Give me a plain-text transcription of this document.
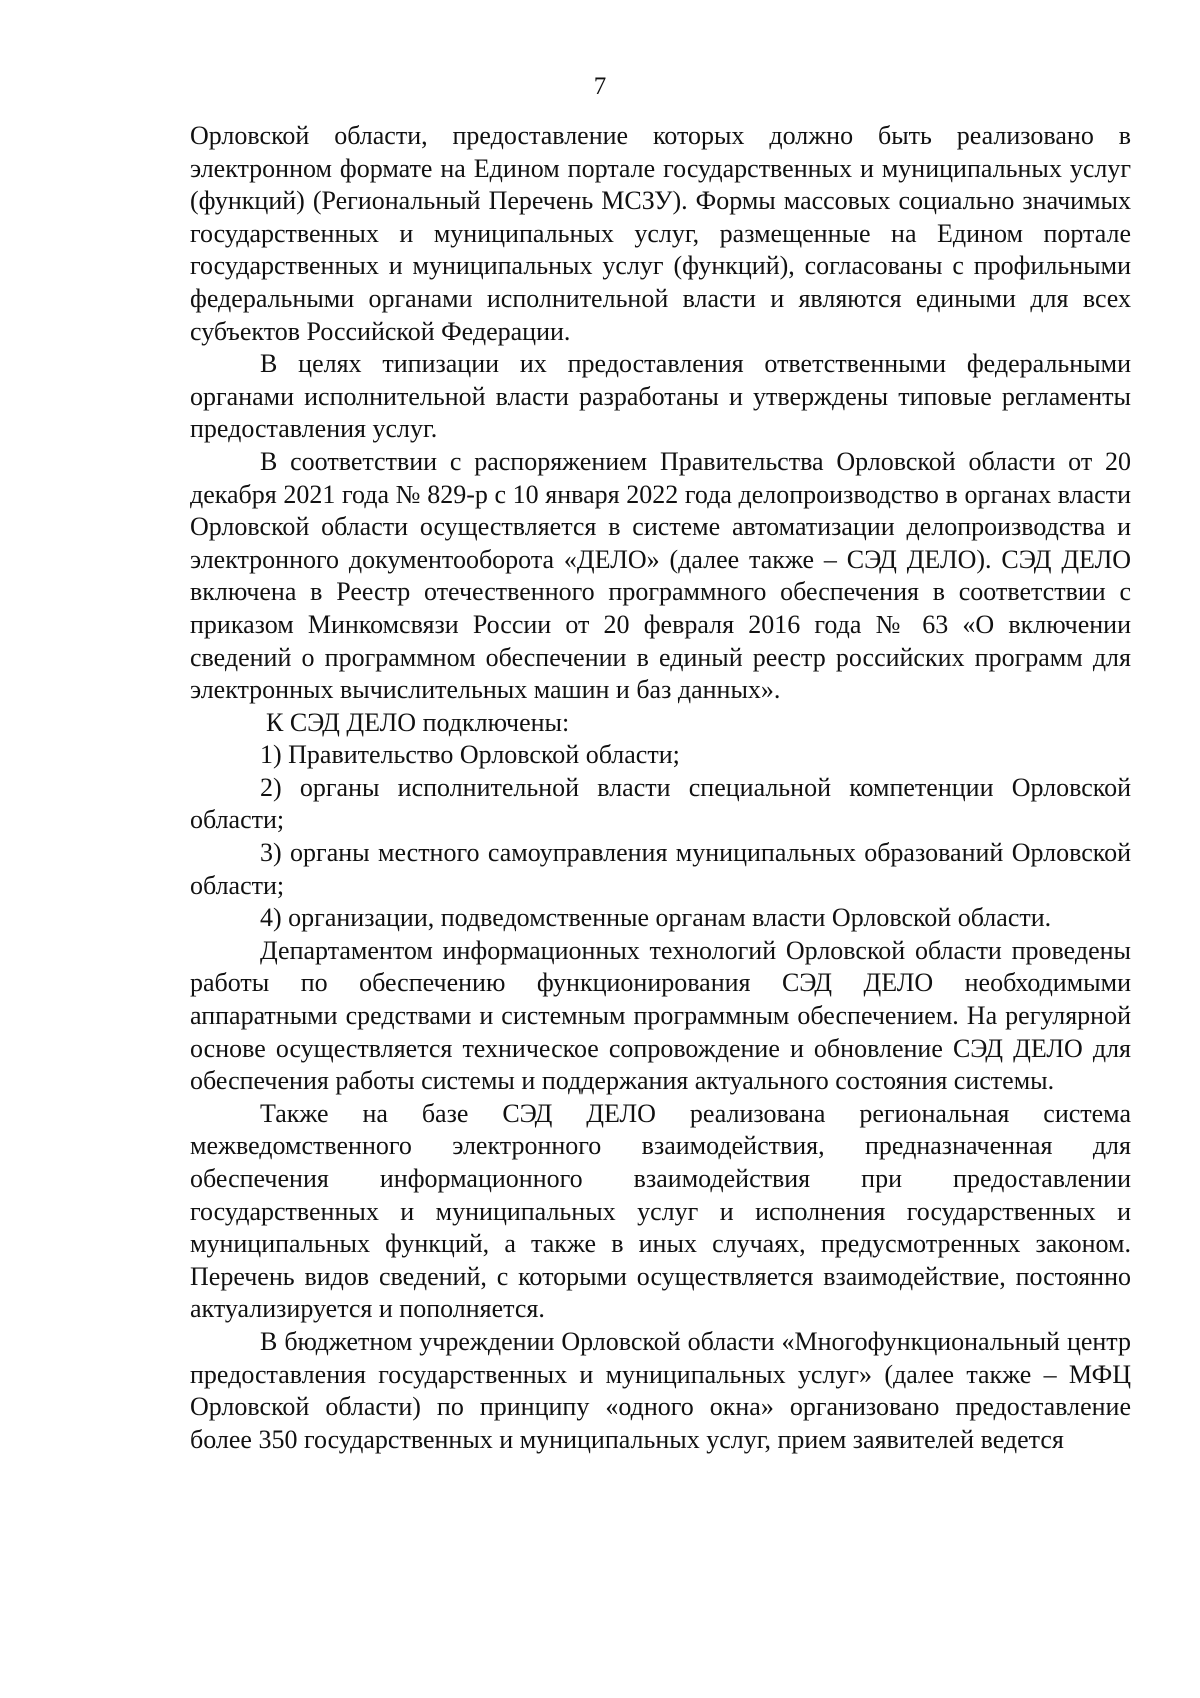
7

Орловской области, предоставление которых должно быть реализовано в электронном формате на Едином портале государственных и муниципальных услуг (функций) (Региональный Перечень МСЗУ). Формы массовых социально значимых государственных и муниципальных услуг, размещенные на Едином портале государственных и муниципальных услуг (функций), согласованы с профильными федеральными органами исполнительной власти и являются едиными для всех субъектов Российской Федерации.

В целях типизации их предоставления ответственными федеральными органами исполнительной власти разработаны и утверждены типовые регламенты предоставления услуг.

В соответствии с распоряжением Правительства Орловской области от 20 декабря 2021 года № 829-р с 10 января 2022 года делопроизводство в органах власти Орловской области осуществляется в системе автоматизации делопроизводства и электронного документооборота «ДЕЛО» (далее также – СЭД ДЕЛО). СЭД ДЕЛО включена в Реестр отечественного программного обеспечения в соответствии с приказом Минкомсвязи России от 20 февраля 2016 года № 63 «О включении сведений о программном обеспечении в единый реестр российских программ для электронных вычислительных машин и баз данных».

К СЭД ДЕЛО подключены:

1) Правительство Орловской области;

2) органы исполнительной власти специальной компетенции Орловской области;

3) органы местного самоуправления муниципальных образований Орловской области;

4) организации, подведомственные органам власти Орловской области.

Департаментом информационных технологий Орловской области проведены работы по обеспечению функционирования СЭД ДЕЛО необходимыми аппаратными средствами и системным программным обеспечением. На регулярной основе осуществляется техническое сопровождение и обновление СЭД ДЕЛО для обеспечения работы системы и поддержания актуального состояния системы.

Также на базе СЭД ДЕЛО реализована региональная система межведомственного электронного взаимодействия, предназначенная для обеспечения информационного взаимодействия при предоставлении государственных и муниципальных услуг и исполнения государственных и муниципальных функций, а также в иных случаях, предусмотренных законом. Перечень видов сведений, с которыми осуществляется взаимодействие, постоянно актуализируется и пополняется.

В бюджетном учреждении Орловской области «Многофункциональный центр предоставления государственных и муниципальных услуг» (далее также – МФЦ Орловской области) по принципу «одного окна» организовано предоставление более 350 государственных и муниципальных услуг, прием заявителей ведется
